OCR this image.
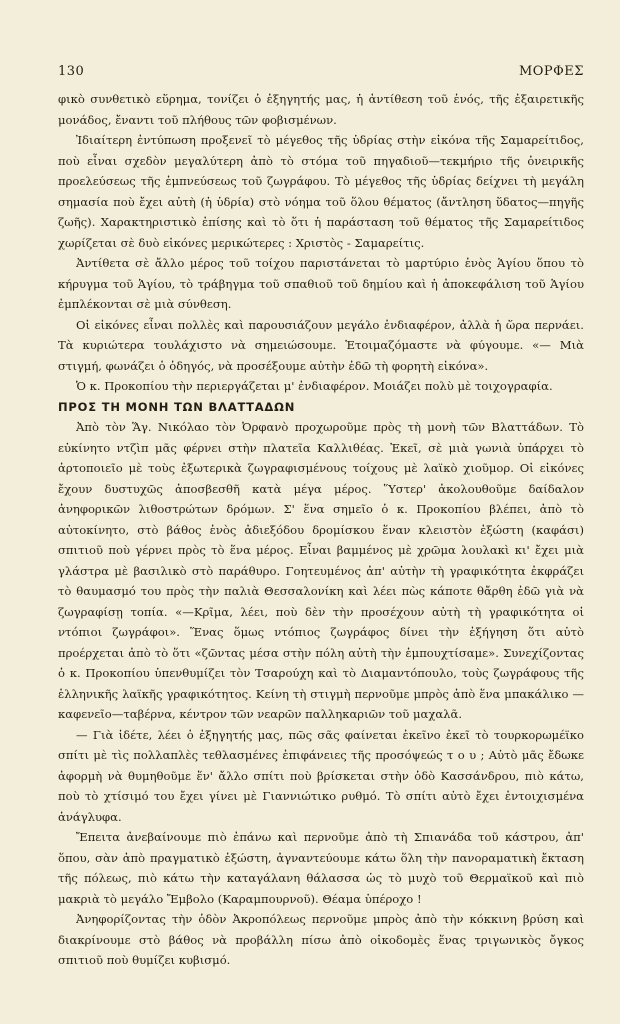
130	ΜΟΡΦΕΣ

φικὸ συνθετικὸ εὕρημα, τονίζει ὁ ἐξηγητής μας, ἡ ἀντίθεση τοῦ ἑνός, τῆς ἐξαιρετικῆς μονάδος, ἔναντι τοῦ πλήθους τῶν φοβισμένων.

Ἰδιαίτερη ἐντύπωση προξενεῖ τὸ μέγεθος τῆς ὑδρίας στὴν εἰκόνα τῆς Σαμαρείτιδος, ποὺ εἶναι σχεδὸν μεγαλύτερη ἀπὸ τὸ στόμα τοῦ πηγαδιοῦ—τεκμήριο τῆς ὀνειρικῆς προελεύσεως τῆς ἐμπνεύσεως τοῦ ζωγράφου. Τὸ μέγεθος τῆς ὑδρίας δείχνει τὴ μεγάλη σημασία ποὺ ἔχει αὐτὴ (ἡ ὑδρία) στὸ νόημα τοῦ ὅλου θέματος (ἄντληση ὕδατος—πηγῆς ζωῆς). Χαρακτηριστικὸ ἐπίσης καὶ τὸ ὅτι ἡ παράσταση τοῦ θέματος τῆς Σαμαρείτιδος χωρίζεται σὲ δυὸ εἰκόνες μερικώτερες : Χριστὸς - Σαμαρείτις.

Ἀντίθετα σὲ ἄλλο μέρος τοῦ τοίχου παριστάνεται τὸ μαρτύριο ἑνὸς Ἁγίου ὅπου τὸ κήρυγμα τοῦ Ἁγίου, τὸ τράβηγμα τοῦ σπαθιοῦ τοῦ δημίου καὶ ἡ ἀποκεφάλιση τοῦ Ἁγίου ἐμπλέκονται σὲ μιὰ σύνθεση.

Οἱ εἰκόνες εἶναι πολλὲς καὶ παρουσιάζουν μεγάλο ἐνδιαφέρον, ἀλλὰ ἡ ὥρα περνάει. Τὰ κυριώτερα τουλάχιστο νὰ σημειώσουμε. Ἑτοιμαζόμαστε νὰ φύγουμε. «— Μιὰ στιγμή, φωνάζει ὁ ὁδηγός, νὰ προσέξουμε αὐτὴν ἐδῶ τὴ φορητὴ εἰκόνα».

Ὁ κ. Προκοπίου τὴν περιεργάζεται μ' ἐνδιαφέρον. Μοιάζει πολὺ μὲ τοιχογραφία.

ΠΡΟΣ ΤΗ ΜΟΝΗ ΤΩΝ ΒΛΑΤΤΑΔΩΝ

Ἀπὸ τὸν Ἅγ. Νικόλαο τὸν Ὀρφανὸ προχωροῦμε πρὸς τὴ μονὴ τῶν Βλαττάδων. Τὸ εὐκίνητο ντζὶπ μᾶς φέρνει στὴν πλατεῖα Καλλιθέας. Ἐκεῖ, σὲ μιὰ γωνιὰ ὑπάρχει τὸ ἀρτοποιεῖο μὲ τοὺς ἐξωτερικὰ ζωγραφισμένους τοίχους μὲ λαϊκὸ χιοῦμορ. Οἱ εἰκόνες ἔχουν δυστυχῶς ἀποσβεσθῆ κατὰ μέγα μέρος. Ὕστερ' ἀκολουθοῦμε δαίδαλον ἀνηφορικῶν λιθοστρώτων δρόμων. Σ' ἕνα σημεῖο ὁ κ. Προκοπίου βλέπει, ἀπὸ τὸ αὐτοκίνητο, στὸ βάθος ἑνὸς ἀδιεξόδου δρομίσκου ἕναν κλειστὸν ἐξώστη (καφάσι) σπιτιοῦ ποὺ γέρνει πρὸς τὸ ἕνα μέρος. Εἶναι βαμμένος μὲ χρῶμα λουλακὶ κι' ἔχει μιὰ γλάστρα μὲ βασιλικὸ στὸ παράθυρο. Γοητευμένος ἀπ' αὐτὴν τὴ γραφικότητα ἐκφράζει τὸ θαυμασμό του πρὸς τὴν παλιὰ Θεσσαλονίκη καὶ λέει πὼς κάποτε θἄρθη ἐδῶ γιὰ νὰ ζωγραφίσῃ τοπία. «—Κρῖμα, λέει, ποὺ δὲν τὴν προσέχουν αὐτὴ τὴ γραφικότητα οἱ ντόπιοι ζωγράφοι». Ἕνας ὅμως ντόπιος ζωγράφος δίνει τὴν ἐξήγηση ὅτι αὐτὸ προέρχεται ἀπὸ τὸ ὅτι «ζῶντας μέσα στὴν πόλη αὐτὴ τὴν ἐμπουχτίσαμε». Συνεχίζοντας ὁ κ. Προκοπίου ὑπενθυμίζει τὸν Τσαρούχη καὶ τὸ Διαμαντόπουλο, τοὺς ζωγράφους τῆς ἑλληνικῆς λαϊκῆς γραφικότητος. Κείνη τὴ στιγμὴ περνοῦμε μπρὸς ἀπὸ ἕνα μπακάλικο —καφενεῖο—ταβέρνα, κέντρον τῶν νεαρῶν παλληκαριῶν τοῦ μαχαλᾶ.

— Γιὰ ἰδέτε, λέει ὁ ἐξηγητής μας, πῶς σᾶς φαίνεται ἐκεῖνο ἐκεῖ τὸ τουρκορωμέϊκο σπίτι μὲ τὶς πολλαπλὲς τεθλασμένες ἐπιφάνειες τῆς προσόψεώς τ ο υ ; Αὐτὸ μᾶς ἔδωκε ἀφορμὴ νὰ θυμηθοῦμε ἕν' ἄλλο σπίτι ποὺ βρίσκεται στὴν ὁδὸ Κασσάνδρου, πιὸ κάτω, ποὺ τὸ χτίσιμό του ἔχει γίνει μὲ Γιαννιώτικο ρυθμό. Τὸ σπίτι αὐτὸ ἔχει ἐντοιχισμένα ἀνάγλυφα.

Ἔπειτα ἀνεβαίνουμε πιὸ ἐπάνω καὶ περνοῦμε ἀπὸ τὴ Σπιανάδα τοῦ κάστρου, ἀπ' ὅπου, σὰν ἀπὸ πραγματικὸ ἐξώστη, ἀγναντεύουμε κάτω ὅλη τὴν πανοραματικὴ ἔκταση τῆς πόλεως, πιὸ κάτω τὴν καταγάλανη θάλασσα ὡς τὸ μυχὸ τοῦ Θερμαϊκοῦ καὶ πιὸ μακριὰ τὸ μεγάλο Ἔμβολο (Καραμπουρνοῦ). Θέαμα ὑπέροχο !

Ἀνηφορίζοντας τὴν ὁδὸν Ἀκροπόλεως περνοῦμε μπρὸς ἀπὸ τὴν κόκκινη βρύση καὶ διακρίνουμε στὸ βάθος νὰ προβάλλη πίσω ἀπὸ οἰκοδομὲς ἕνας τριγωνικὸς ὄγκος σπιτιοῦ ποὺ θυμίζει κυβισμό.
